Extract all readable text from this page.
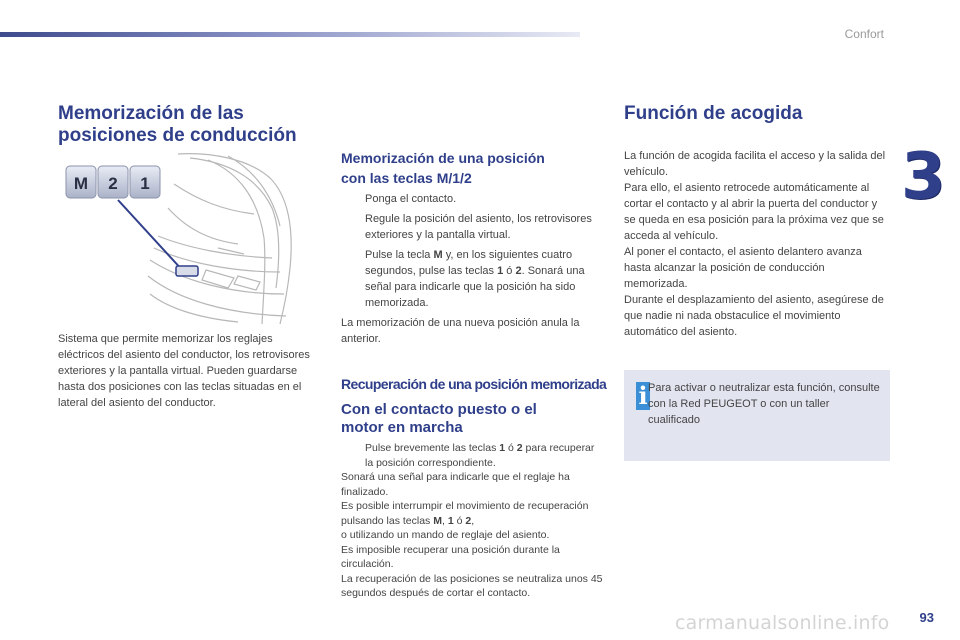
Confort
3
93
carmanualsonline.info
Memorización de las
posiciones de conducción
M 2 1
Sistema que permite memorizar los reglajes eléctricos del asiento del conductor, los retrovisores exteriores y la pantalla virtual. Pueden guardarse hasta dos posiciones con las teclas situadas en el lateral del asiento del conductor.
Memorización de una posición
con las teclas M/1/2
Ponga el contacto.
Regule la posición del asiento, los retrovisores exteriores y la pantalla virtual.
Pulse la tecla M y, en los siguientes cuatro segundos, pulse las teclas 1 ó 2. Sonará una señal para indicarle que la posición ha sido memorizada.
La memorización de una nueva posición anula la anterior.
Recuperación de una posición memorizada
Con el contacto puesto o el
motor en marcha
Pulse brevemente las teclas 1 ó 2 para recuperar la posición correspondiente.
Sonará una señal para indicarle que el reglaje ha finalizado.
Es posible interrumpir el movimiento de recuperación pulsando las teclas M, 1 ó 2,
o utilizando un mando de reglaje del asiento.
Es imposible recuperar una posición durante la circulación.
La recuperación de las posiciones se neutraliza unos 45 segundos después de cortar el contacto.
Función de acogida
La función de acogida facilita el acceso y la salida del vehículo.
Para ello, el asiento retrocede automáticamente al cortar el contacto y al abrir la puerta del conductor y se queda en esa posición para la próxima vez que se acceda al vehículo.
Al poner el contacto, el asiento delantero avanza hasta alcanzar la posición de conducción memorizada.
Durante el desplazamiento del asiento, asegúrese de que nadie ni nada obstaculice el movimiento automático del asiento.
i Para activar o neutralizar esta función, consulte con la Red PEUGEOT o con un taller cualificado
